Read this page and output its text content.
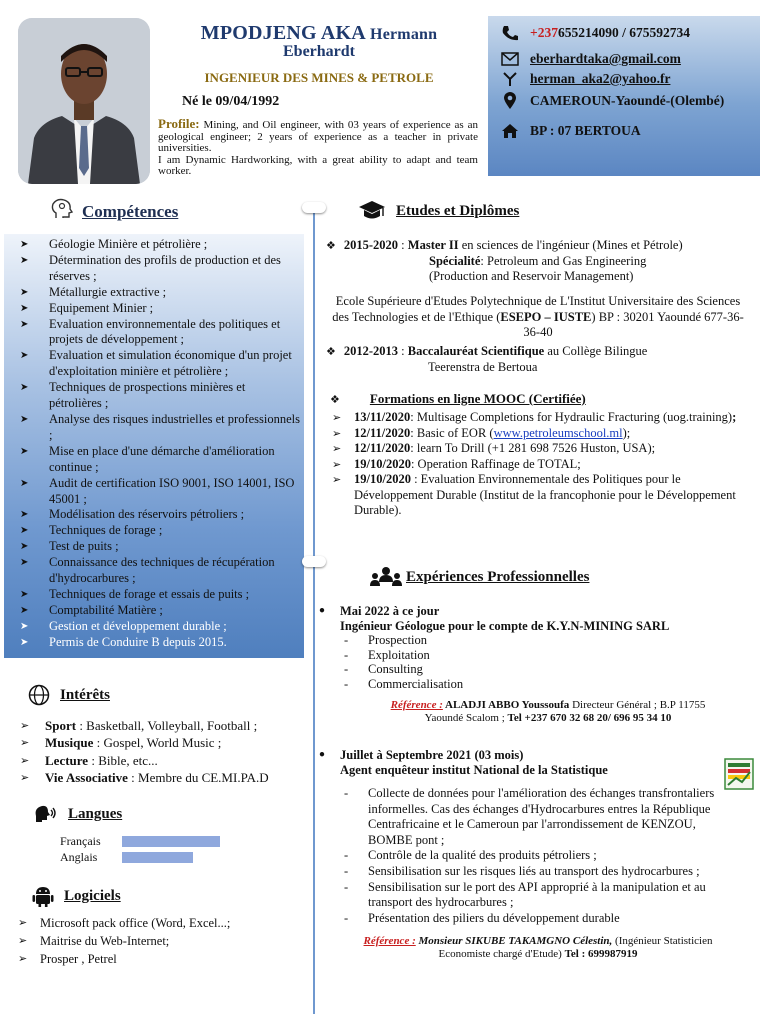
MPODJENG AKA Hermann
Eberhardt
INGENIEUR DES MINES & PETROLE
Né le 09/04/1992
Profile: Mining, and Oil engineer, with 03 years of experience as an geological engineer; 2 years of experience as a teacher in private universities.
I am Dynamic Hardworking, with a great ability to adapt and team worker.
+237 655214090 / 675592734
eberhardtaka@gmail.com
herman_aka2@yahoo.fr
CAMEROUN-Yaoundé-(Olembé)
BP : 07 BERTOUA
Compétences
➤ Géologie Minière et pétrolière ;
➤ Détermination des profils de production et des réserves ;
➤ Métallurgie extractive ;
➤ Equipement Minier ;
➤ Evaluation environnementale des politiques et projets de développement ;
➤ Evaluation et simulation économique d'un projet d'exploitation minière et pétrolière ;
➤ Techniques de prospections minières et pétrolières ;
➤ Analyse des risques industrielles et professionnels ;
➤ Mise en place d'une démarche d'amélioration continue ;
➤ Audit de certification ISO 9001, ISO 14001, ISO 45001 ;
➤ Modélisation des réservoirs pétroliers ;
➤ Techniques de forage ;
➤ Test de puits ;
➤ Connaissance des techniques de récupération d'hydrocarbures ;
➤ Techniques de forage et essais de puits ;
➤ Comptabilité Matière ;
➤ Gestion et développement durable ;
➤ Permis de Conduire B depuis 2015.
Intérêts
➢ Sport : Basketball, Volleyball, Football ;
➢ Musique : Gospel, World Music ;
➢ Lecture : Bible, etc...
➢ Vie Associative : Membre du CE.MI.PA.D
Langues
Français
Anglais
Logiciels
➢ Microsoft pack office (Word, Excel...;
➢ Maitrise du Web-Internet;
➢ Prosper , Petrel
Etudes et Diplômes
❖ 2015-2020 : Master II en sciences de l'ingénieur (Mines et Pétrole)
Spécialité: Petroleum and Gas Engineering
(Production and Reservoir Management)
Ecole Supérieure d'Etudes Polytechnique de L'Institut Universitaire des Sciences des Technologies et de l'Ethique (ESEPO – IUSTE) BP : 30201 Yaoundé 677-36-36-40
❖ 2012-2013 : Baccalauréat Scientifique au Collège Bilingue
Teerenstra de Bertoua
❖ Formations en ligne MOOC (Certifiée)
➢ 13/11/2020: Multisage Completions for Hydraulic Fracturing (uog.training);
➢ 12/11/2020: Basic of EOR (www.petroleumschool.ml);
➢ 12/11/2020: learn To Drill (+1 281 698 7526 Huston, USA);
➢ 19/10/2020: Operation Raffinage de TOTAL;
➢ 19/10/2020 : Evaluation Environnementale des Politiques pour le Développement Durable (Institut de la francophonie pour le Développement Durable).
Expériences Professionnelles
• Mai 2022 à ce jour
Ingénieur Géologue pour le compte de K.Y.N-MINING SARL
- Prospection
- Exploitation
- Consulting
- Commercialisation
Référence : ALADJI ABBO Youssoufa Directeur Général ; B.P 11755
Yaoundé Scalom ; Tel +237 670 32 68 20/ 696 95 34 10
• Juillet à Septembre 2021 (03 mois)
Agent enquêteur institut National de la Statistique
- Collecte de données pour l'amélioration des échanges transfrontaliers informelles. Cas des échanges d'Hydrocarbures entres la République Centrafricaine et le Cameroun par l'arrondissement de KENZOU, BOMBE pont ;
- Contrôle de la qualité des produits pétroliers ;
- Sensibilisation sur les risques liés au transport des hydrocarbures ;
- Sensibilisation sur le port des API approprié à la manipulation et au transport des hydrocarbures ;
- Présentation des piliers du développement durable
Référence : Monsieur SIKUBE TAKAMGNO Célestin, (Ingénieur Statisticien
Economiste chargé d'Etude) Tel : 699987919
